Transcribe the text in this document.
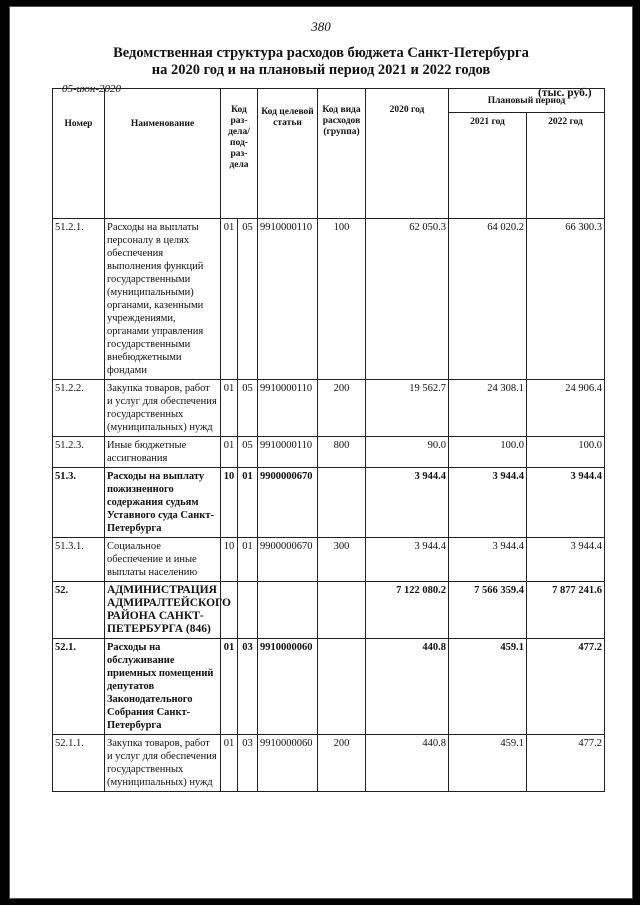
380
Ведомственная структура расходов бюджета Санкт-Петербурга
на 2020 год и на плановый период 2021 и 2022 годов
05-июн-2020	(тыс. руб.)
Номер	Наименование	Код раз- дела/ под- раз- дела		Код целевой статьи	Код вида расходов (группа)	2020 год	Плановый период	
							2021 год	2022 год
51.2.1.	Расходы на выплаты персоналу в целях обеспечения выполнения функций государственными (муниципальными) органами, казенными учреждениями, органами управления государственными внебюджетными фондами	01	05	9910000110	100	62 050.3	64 020.2	66 300.3
51.2.2.	Закупка товаров, работ и услуг для обеспечения государственных (муниципальных) нужд	01	05	9910000110	200	19 562.7	24 308.1	24 906.4
51.2.3.	Иные бюджетные ассигнования	01	05	9910000110	800	90.0	100.0	100.0
51.3.	Расходы на выплату пожизненного содержания судьям Уставного суда Санкт-Петербурга	10	01	9900000670		3 944.4	3 944.4	3 944.4
51.3.1.	Социальное обеспечение и иные выплаты населению	10	01	9900000670	300	3 944.4	3 944.4	3 944.4
52.	АДМИНИСТРАЦИЯ АДМИРАЛТЕЙСКОГО РАЙОНА САНКТ-ПЕТЕРБУРГА (846)					7 122 080.2	7 566 359.4	7 877 241.6
52.1.	Расходы на обслуживание приемных помещений депутатов Законодательного Собрания Санкт-Петербурга	01	03	9910000060		440.8	459.1	477.2
52.1.1.	Закупка товаров, работ и услуг для обеспечения государственных (муниципальных) нужд	01	03	9910000060	200	440.8	459.1	477.2
